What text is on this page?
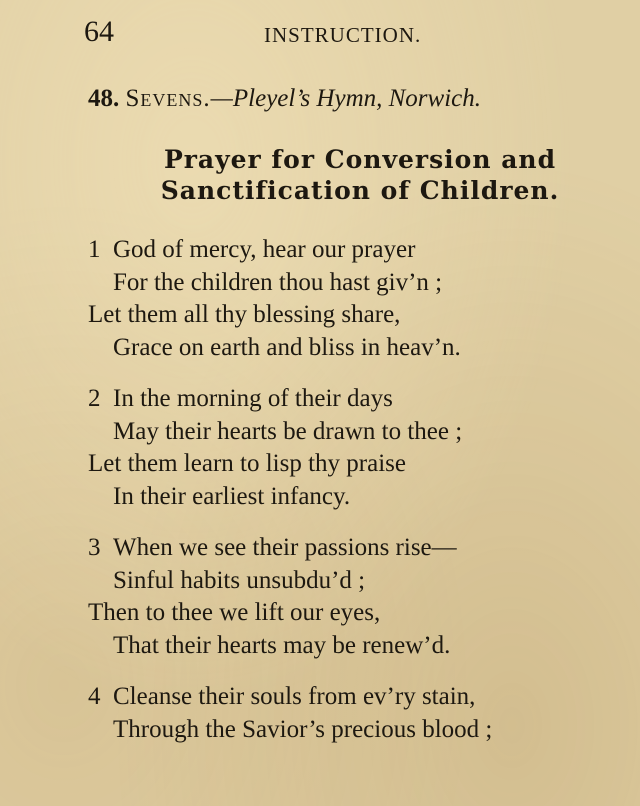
64	INSTRUCTION.
48. Sevens.—Pleyel’s Hymn, Norwich.
Prayer for Conversion and
Sanctification of Children.
1 God of mercy, hear our prayer
For the children thou hast giv’n ;
Let them all thy blessing share,
Grace on earth and bliss in heav’n.
2 In the morning of their days
May their hearts be drawn to thee ;
Let them learn to lisp thy praise
In their earliest infancy.
3 When we see their passions rise—
Sinful habits unsubdu’d ;
Then to thee we lift our eyes,
That their hearts may be renew’d.
4 Cleanse their souls from ev’ry stain,
Through the Savior’s precious blood ;
